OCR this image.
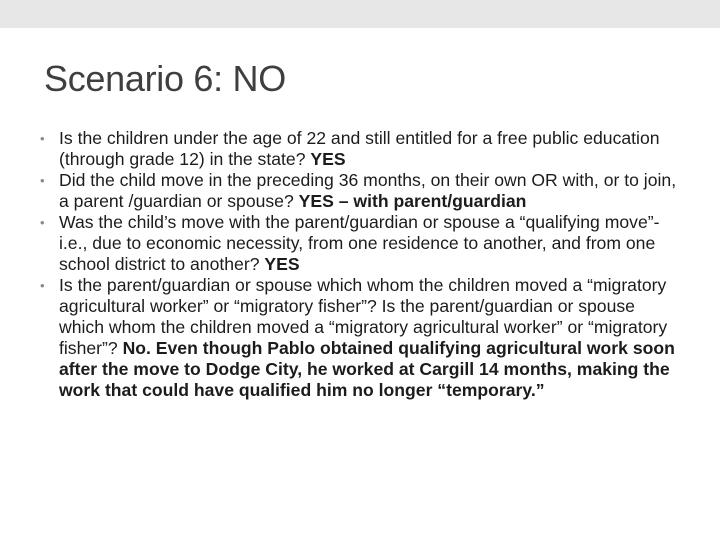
Scenario 6: NO
• Is the children under the age of 22 and still entitled for a free public education (through grade 12) in the state? YES
• Did the child move in the preceding 36 months, on their own OR with, or to join, a parent /guardian or spouse? YES – with parent/guardian
• Was the child’s move with the parent/guardian or spouse a “qualifying move”- i.e., due to economic necessity, from one residence to another, and from one school district to another? YES
• Is the parent/guardian or spouse which whom the children moved a “migratory agricultural worker” or “migratory fisher”? Is the parent/guardian or spouse which whom the children moved a “migratory agricultural worker” or “migratory fisher”? No. Even though Pablo obtained qualifying agricultural work soon after the move to Dodge City, he worked at Cargill 14 months, making the work that could have qualified him no longer “temporary.”
